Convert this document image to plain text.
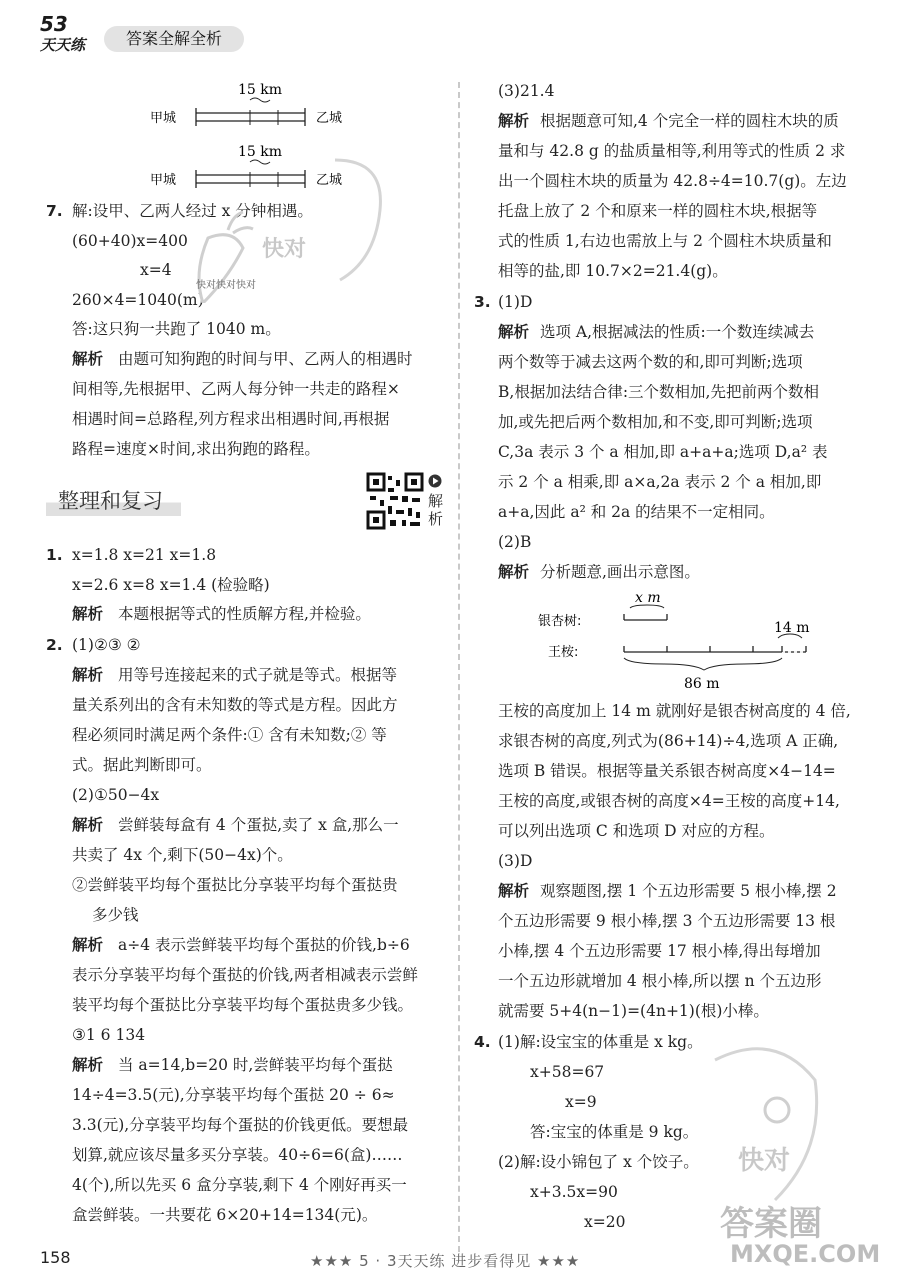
53
天天练	答案全解全析
15 km
甲城	乙城
15 km
甲城	乙城
7. 解:设甲、乙两人经过 x 分钟相遇。
(60+40)x=400
x=4
260×4=1040(m)
答:这只狗一共跑了 1040 m。
解析 由题可知狗跑的时间与甲、乙两人的相遇时
间相等,先根据甲、乙两人每分钟一共走的路程×
相遇时间=总路程,列方程求出相遇时间,再根据
路程=速度×时间,求出狗跑的路程。
整理和复习	解析
1. x=1.8 x=21 x=1.8
x=2.6 x=8 x=1.4 (检验略)
解析 本题根据等式的性质解方程,并检验。
2. (1)②③ ②
解析 用等号连接起来的式子就是等式。根据等
量关系列出的含有未知数的等式是方程。因此方
程必须同时满足两个条件:① 含有未知数;② 等
式。据此判断即可。
(2)①50−4x
解析 尝鲜装每盒有 4 个蛋挞,卖了 x 盒,那么一
共卖了 4x 个,剩下(50−4x)个。
②尝鲜装平均每个蛋挞比分享装平均每个蛋挞贵
多少钱
解析 a÷4 表示尝鲜装平均每个蛋挞的价钱,b÷6
表示分享装平均每个蛋挞的价钱,两者相减表示尝鲜
装平均每个蛋挞比分享装平均每个蛋挞贵多少钱。
③1 6 134
解析 当 a=14,b=20 时,尝鲜装平均每个蛋挞
14÷4=3.5(元),分享装平均每个蛋挞 20 ÷ 6≈
3.3(元),分享装平均每个蛋挞的价钱更低。要想最
划算,就应该尽量多买分享装。40÷6=6(盒)……
4(个),所以先买 6 盒分享装,剩下 4 个刚好再买一
盒尝鲜装。一共要花 6×20+14=134(元)。
(3)21.4
解析 根据题意可知,4 个完全一样的圆柱木块的质
量和与 42.8 g 的盐质量相等,利用等式的性质 2 求
出一个圆柱木块的质量为 42.8÷4=10.7(g)。左边
托盘上放了 2 个和原来一样的圆柱木块,根据等
式的性质 1,右边也需放上与 2 个圆柱木块质量和
相等的盐,即 10.7×2=21.4(g)。
3. (1)D
解析 选项 A,根据减法的性质:一个数连续减去
两个数等于减去这两个数的和,即可判断;选项
B,根据加法结合律:三个数相加,先把前两个数相
加,或先把后两个数相加,和不变,即可判断;选项
C,3a 表示 3 个 a 相加,即 a+a+a;选项 D,a² 表
示 2 个 a 相乘,即 a×a,2a 表示 2 个 a 相加,即
a+a,因此 a² 和 2a 的结果不一定相同。
(2)B
解析 分析题意,画出示意图。
x m
银杏树:	14 m
王桉:
86 m
王桉的高度加上 14 m 就刚好是银杏树高度的 4 倍,
求银杏树的高度,列式为(86+14)÷4,选项 A 正确,
选项 B 错误。根据等量关系银杏树高度×4−14=
王桉的高度,或银杏树的高度×4=王桉的高度+14,
可以列出选项 C 和选项 D 对应的方程。
(3)D
解析 观察题图,摆 1 个五边形需要 5 根小棒,摆 2
个五边形需要 9 根小棒,摆 3 个五边形需要 13 根
小棒,摆 4 个五边形需要 17 根小棒,得出每增加
一个五边形就增加 4 根小棒,所以摆 n 个五边形
就需要 5+4(n−1)=(4n+1)(根)小棒。
4. (1)解:设宝宝的体重是 x kg。
x+58=67
x=9
答:宝宝的体重是 9 kg。
(2)解:设小锦包了 x 个饺子。
x+3.5x=90
x=20
快对快对快对
快对
快对
答案圈
MXQE.COM
158	★★★ 5 · 3天天练 进步看得见 ★★★
